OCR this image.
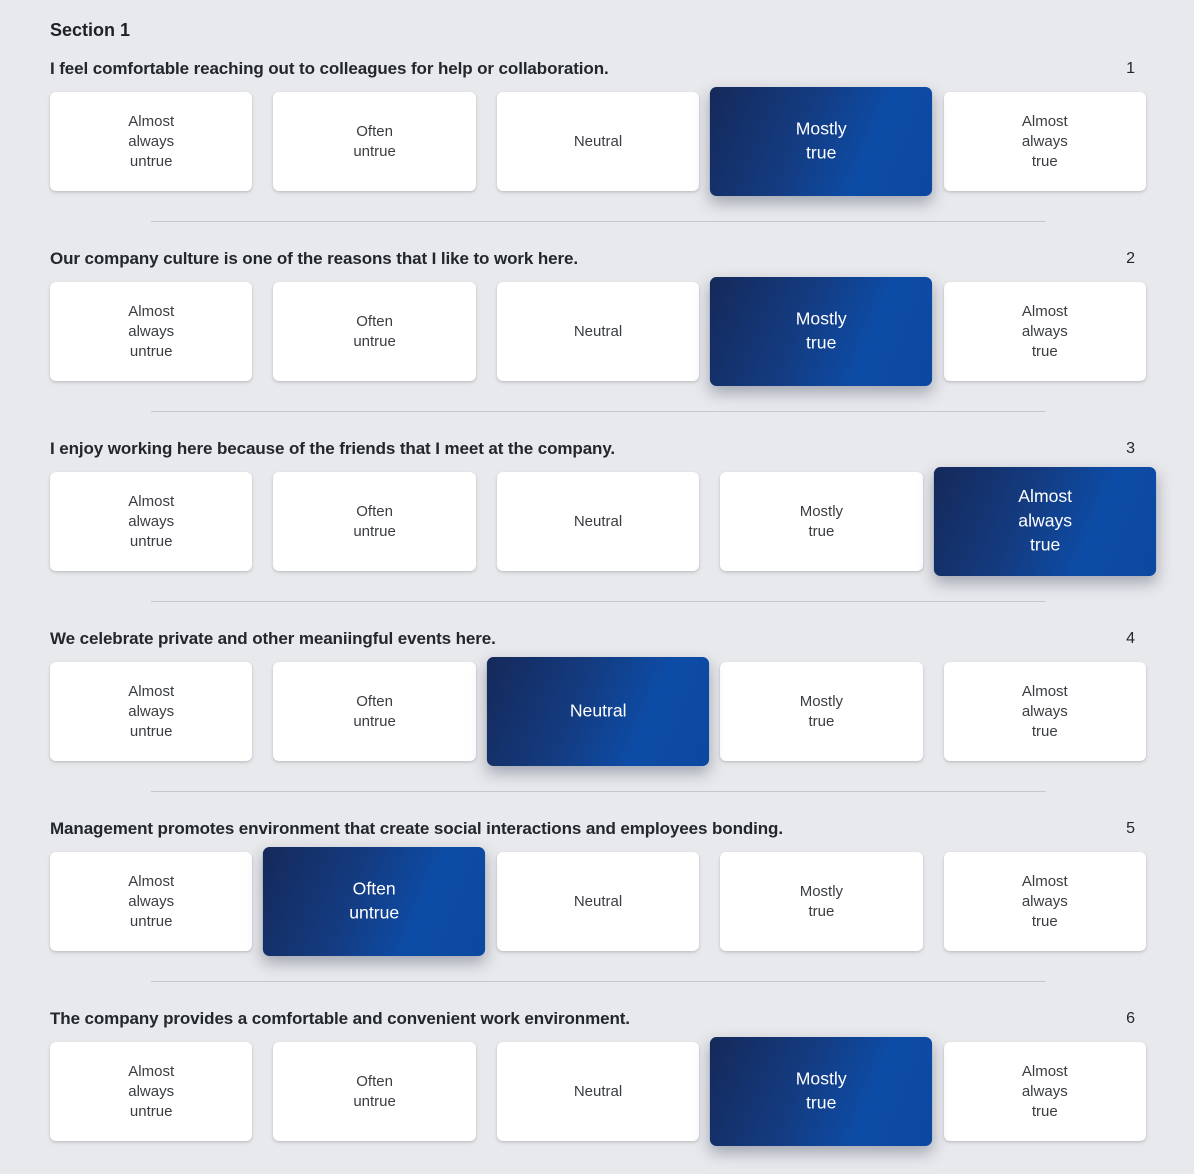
Section 1
I feel comfortable reaching out to colleagues for help or collaboration.	1
Almost always untrue
Often untrue
Neutral
Mostly true
Almost always true
Our company culture is one of the reasons that I like to work here.	2
Almost always untrue
Often untrue
Neutral
Mostly true
Almost always true
I enjoy working here because of the friends that I meet at the company.	3
Almost always untrue
Often untrue
Neutral
Mostly true
Almost always true
We celebrate private and other meaniingful events here.	4
Almost always untrue
Often untrue
Neutral
Mostly true
Almost always true
Management promotes environment that create social interactions and employees bonding.	5
Almost always untrue
Often untrue
Neutral
Mostly true
Almost always true
The company provides a comfortable and convenient work environment.	6
Almost always untrue
Often untrue
Neutral
Mostly true
Almost always true
